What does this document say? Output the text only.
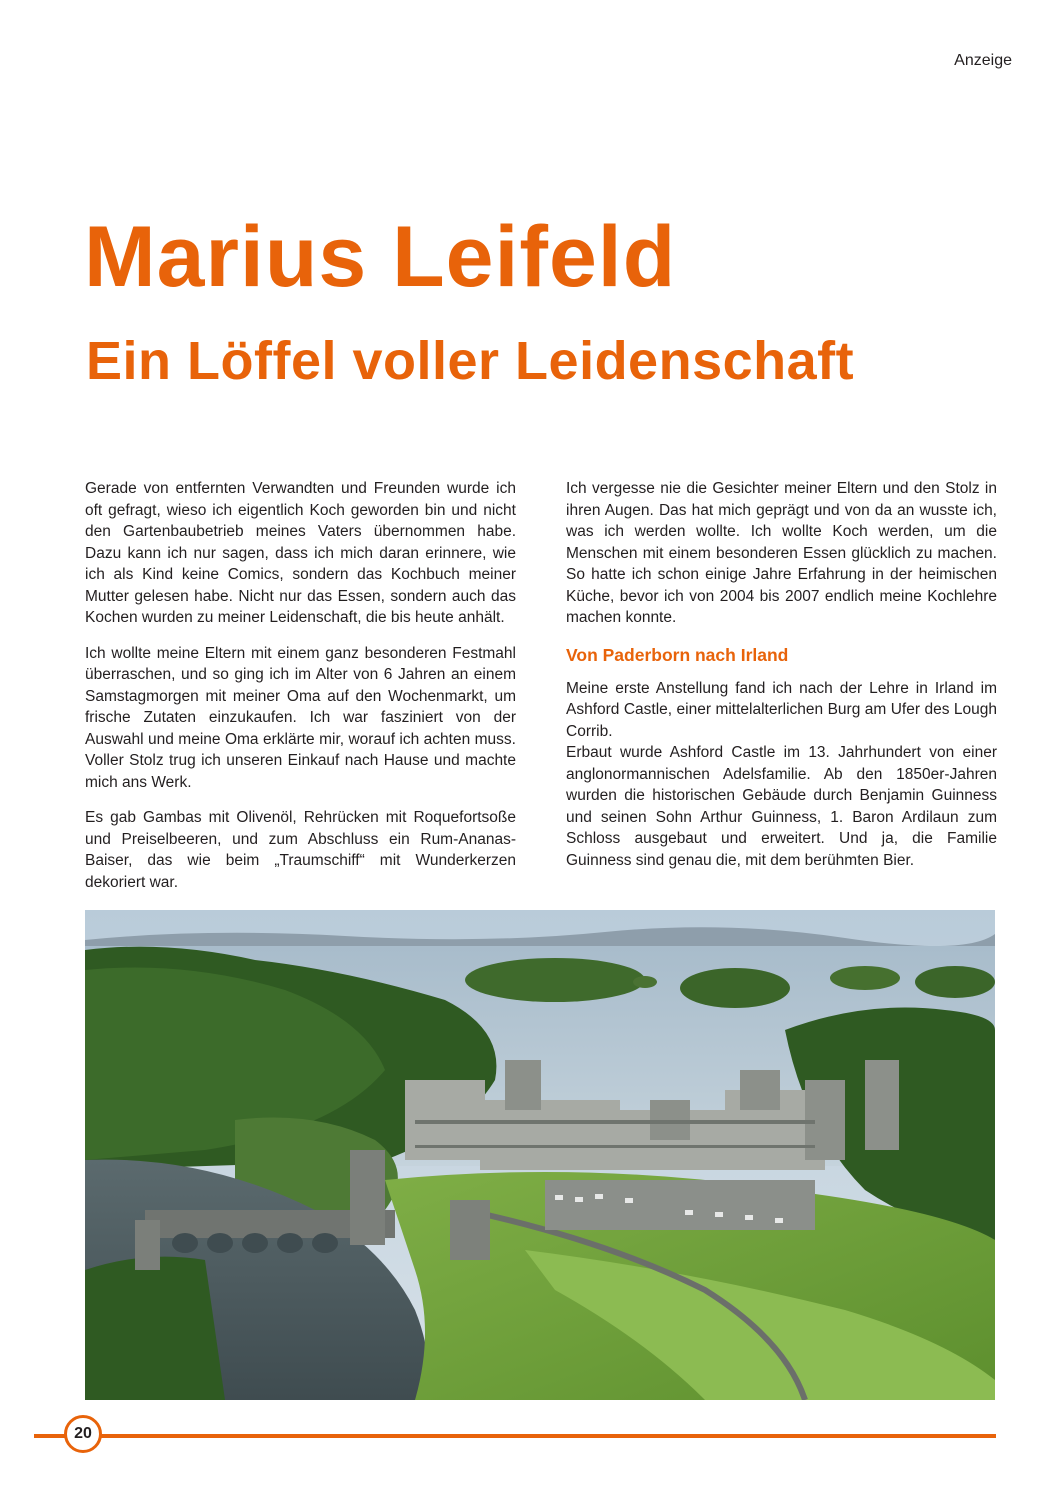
Anzeige
Marius Leifeld
Ein Löffel voller Leidenschaft

Gerade von entfernten Verwandten und Freunden wurde ich oft gefragt, wieso ich eigentlich Koch geworden bin und nicht den Gartenbaubetrieb meines Vaters übernommen habe. Dazu kann ich nur sagen, dass ich mich daran erinnere, wie ich als Kind keine Comics, sondern das Kochbuch meiner Mutter gelesen habe. Nicht nur das Essen, sondern auch das Kochen wurden zu meiner Leidenschaft, die bis heute anhält.

Ich wollte meine Eltern mit einem ganz besonderen Festmahl überraschen, und so ging ich im Alter von 6 Jahren an einem Samstagmorgen mit meiner Oma auf den Wochenmarkt, um frische Zutaten einzukaufen. Ich war fasziniert von der Auswahl und meine Oma erklärte mir, worauf ich achten muss. Voller Stolz trug ich unseren Einkauf nach Hause und machte mich ans Werk.

Es gab Gambas mit Olivenöl, Rehrücken mit Roquefortsoße und Preiselbeeren, und zum Abschluss ein Rum-Ananas-Baiser, das wie beim „Traumschiff“ mit Wunderkerzen dekoriert war.

Ich vergesse nie die Gesichter meiner Eltern und den Stolz in ihren Augen. Das hat mich geprägt und von da an wusste ich, was ich werden wollte. Ich wollte Koch werden, um die Menschen mit einem besonderen Essen glücklich zu machen. So hatte ich schon einige Jahre Erfahrung in der heimischen Küche, bevor ich von 2004 bis 2007 endlich meine Kochlehre machen konnte.

Von Paderborn nach Irland

Meine erste Anstellung fand ich nach der Lehre in Irland im Ashford Castle, einer mittelalterlichen Burg am Ufer des Lough Corrib.

Erbaut wurde Ashford Castle im 13. Jahrhundert von einer anglonormannischen Adelsfamilie. Ab den 1850er-Jahren wurden die historischen Gebäude durch Benjamin Guinness und seinen Sohn Arthur Guinness, 1. Baron Ardilaun zum Schloss ausgebaut und erweitert. Und ja, die Familie Guinness sind genau die, mit dem berühmten Bier.

20
